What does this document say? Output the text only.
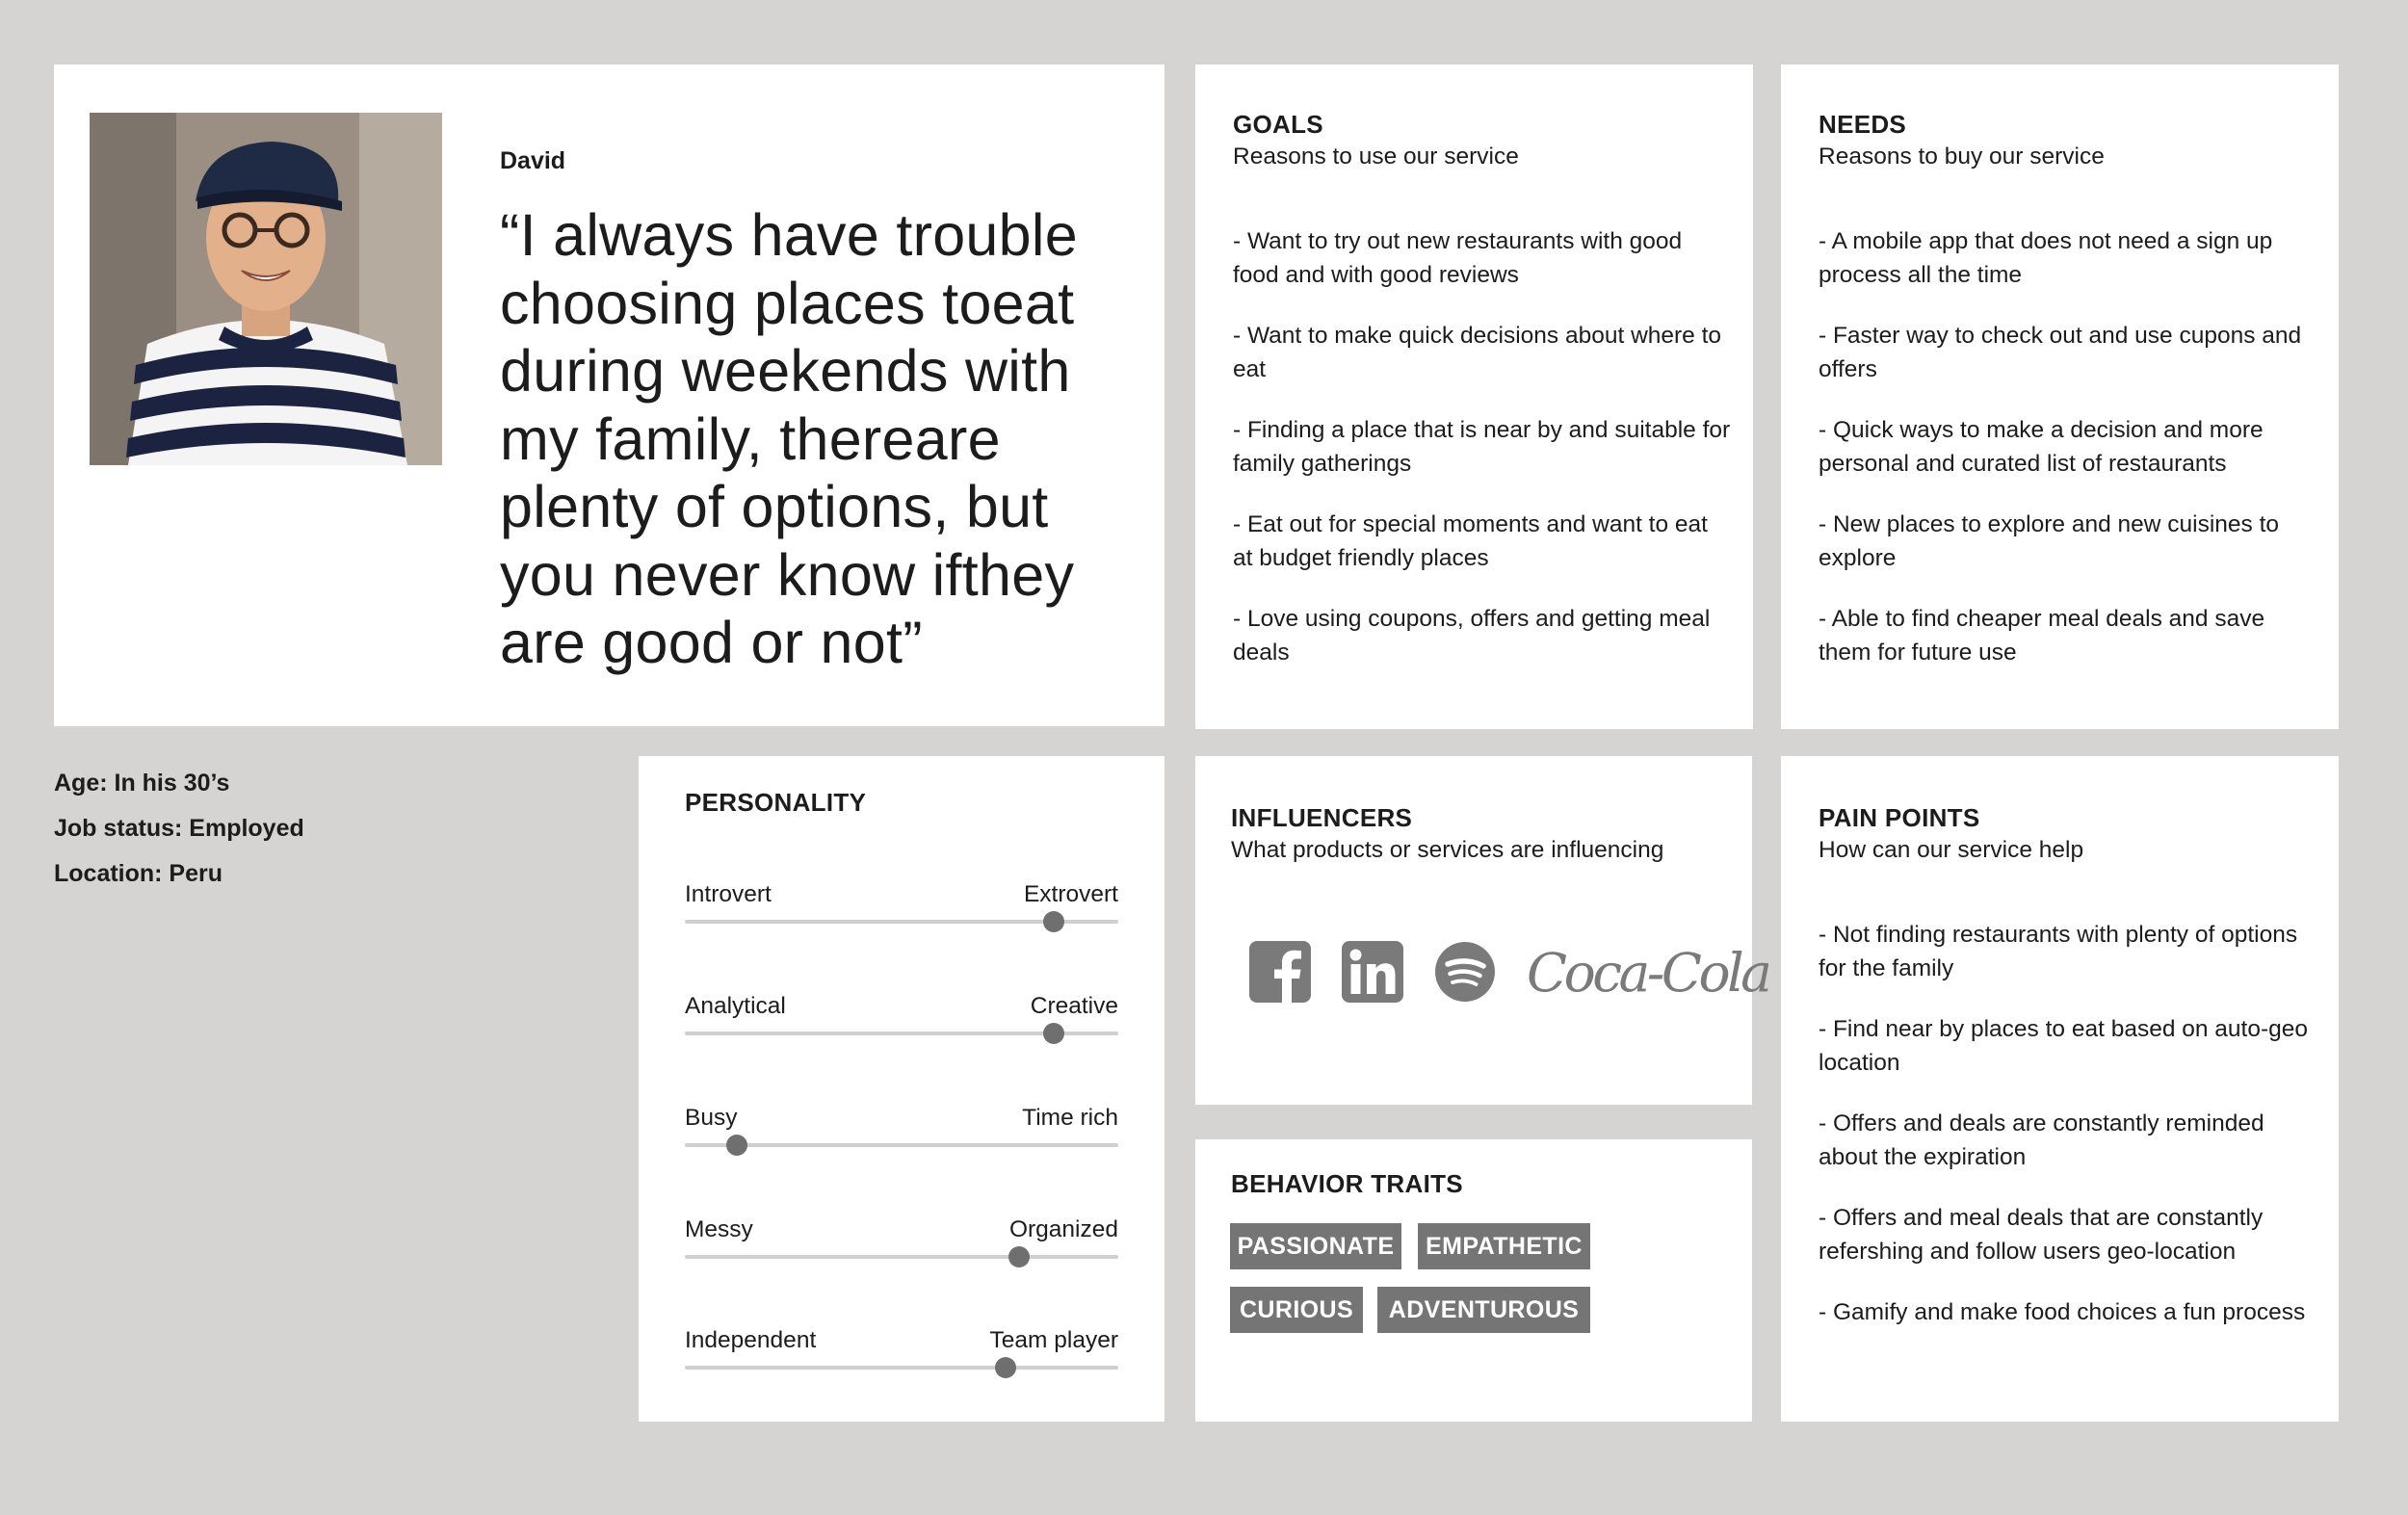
David

“I always have trouble choosing places toeat during weekends with my family, thereare plenty of options, but you never know ifthey are good or not”

Age: In his 30’s
Job status: Employed
Location: Peru

GOALS

Reasons to use our service

- Want to try out new restaurants with good food and with good reviews
- Want to make quick decisions about where to eat
- Finding a place that is near by and suitable for family gatherings
- Eat out for special moments and want to eat at budget friendly places
- Love using coupons, offers and getting meal deals

NEEDS

Reasons to buy our service

- A mobile app that does not need a sign up process all the time
- Faster way to check out and use cupons and offers
- Quick ways to make a decision and more personal and curated list of restaurants
- New places to explore and new cuisines to explore
- Able to find cheaper meal deals and save them for future use

PERSONALITY

Introvert	Extrovert
Analytical	Creative
Busy	Time rich
Messy	Organized
Independent	Team player

INFLUENCERS

What products or services are influencing

Coca-Cola

BEHAVIOR TRAITS

PASSIONATE	EMPATHETIC
CURIOUS	ADVENTUROUS

PAIN POINTS

How can our service help

- Not finding restaurants with plenty of options for the family
- Find near by places to eat based on auto-geo location
- Offers and deals are constantly reminded about the expiration
- Offers and meal deals that are constantly refershing and follow users geo-location
- Gamify and make food choices a fun process
